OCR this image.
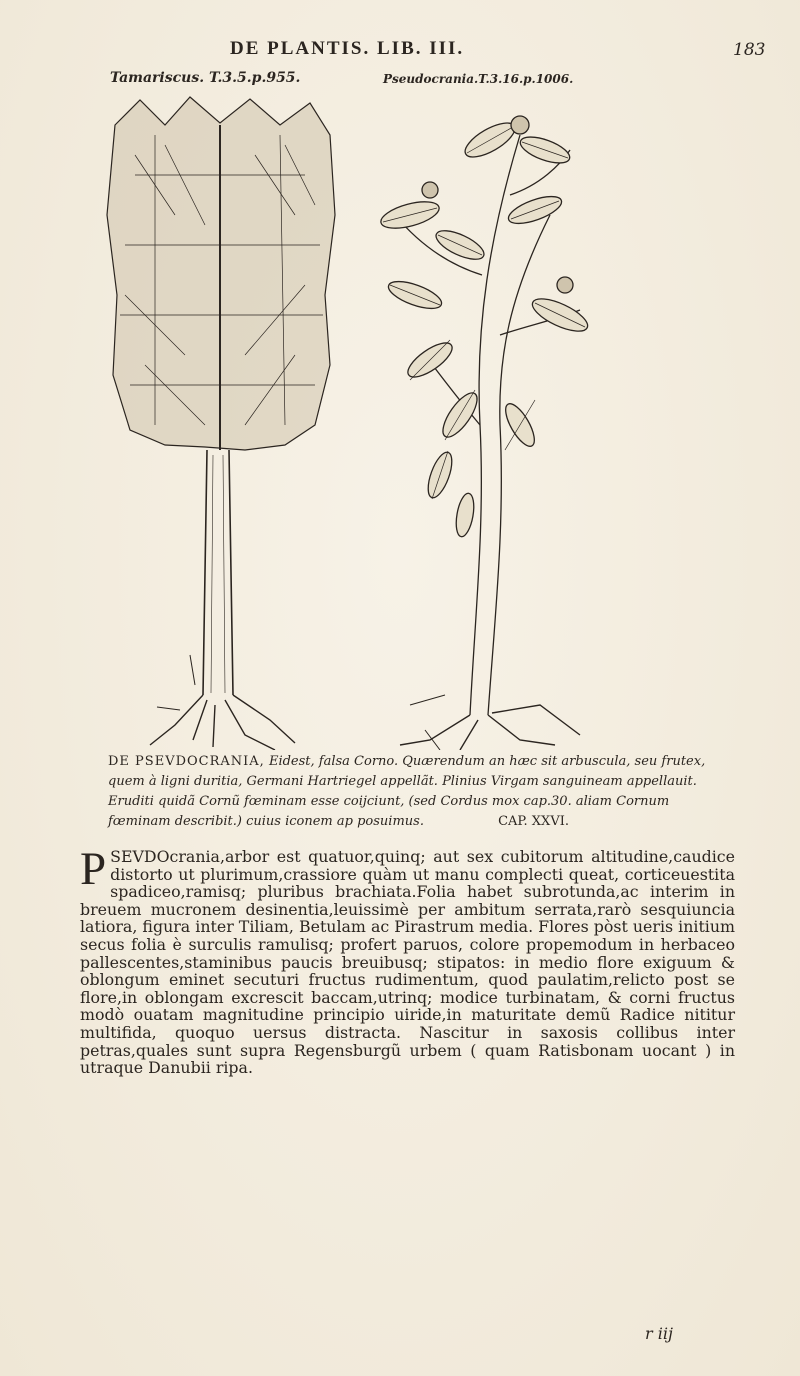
DE PLANTIS. LIB. III.	183
Tamariscus. T.3.5.p.955.	Pseudocrania.T.3.16.p.1006.
DE PSEVDOCRANIA, Eidest, falsa Corno. Quærendum an hæc sit arbuscula, seu frutex, quem à ligni duritia, Germani Hartriegel appellãt. Plinius Virgam sanguineam appellauit. Eruditi quidã Cornũ fœminam esse coijciunt, (sed Cordus mox cap.30. aliam Cornum fœminam describit.) cuius iconem ap posuimus.	CAP. XXVI.
P SEVDOcrania,arbor est quatuor,quinq; aut sex cubitorum altitudine,caudice distorto ut plurimum,crassiore quàm ut manu complecti queat, corticeuestita spadiceo,ramisq; pluribus brachiata.Folia habet subrotunda,ac interim in breuem mucronem desinentia,leuissimè per ambitum serrata,rarò sesquiuncia latiora, figura inter Tiliam, Betulam ac Pirastrum media. Flores pòst ueris initium secus folia è surculis ramulisq; profert paruos, colore propemodum in herbaceo pallescentes,staminibus paucis breuibusq; stipatos: in medio flore exiguum & oblongum eminet secuturi fructus rudimentum, quod paulatim,relicto post se flore,in oblongam excrescit baccam,utrinq; modice turbinatam, & corni fructus modò ouatam magnitudine principio uiride,in maturitate demũ Radice nititur multifida, quoquo uersus distracta. Nascitur in saxosis collibus inter petras,quales sunt supra Regensburgũ urbem ( quam Ratisbonam uocant ) in utraque Danubii ripa.
r iij
